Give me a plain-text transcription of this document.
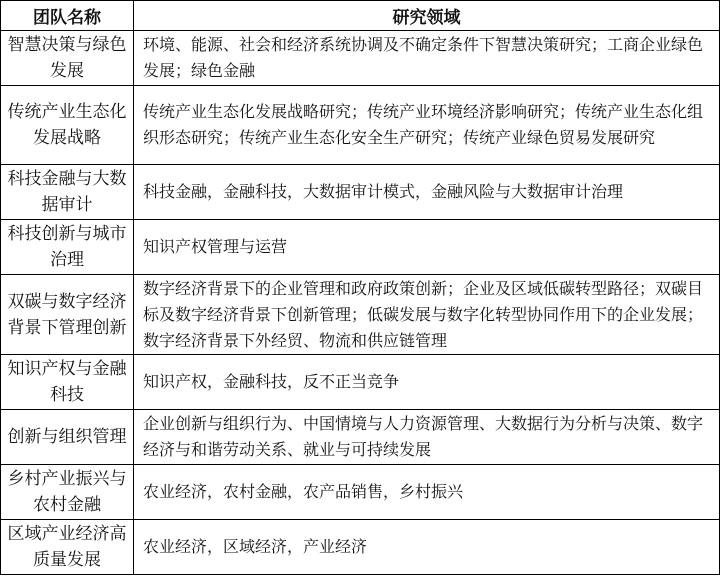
团队名称	研究领域
智慧决策与绿色发展	环境、能源、社会和经济系统协调及不确定条件下智慧决策研究；工商企业绿色发展；绿色金融
传统产业生态化发展战略	传统产业生态化发展战略研究；传统产业环境经济影响研究；传统产业生态化组织形态研究；传统产业生态化安全生产研究；传统产业绿色贸易发展研究
科技金融与大数据审计	科技金融，金融科技，大数据审计模式，金融风险与大数据审计治理
科技创新与城市治理	知识产权管理与运营
双碳与数字经济背景下管理创新	数字经济背景下的企业管理和政府政策创新；企业及区域低碳转型路径；双碳目标及数字经济背景下创新管理；低碳发展与数字化转型协同作用下的企业发展；数字经济背景下外经贸、物流和供应链管理
知识产权与金融科技	知识产权，金融科技，反不正当竞争
创新与组织管理	企业创新与组织行为、中国情境与人力资源管理、大数据行为分析与决策、数字经济与和谐劳动关系、就业与可持续发展
乡村产业振兴与农村金融	农业经济，农村金融，农产品销售，乡村振兴
区域产业经济高质量发展	农业经济，区域经济，产业经济
